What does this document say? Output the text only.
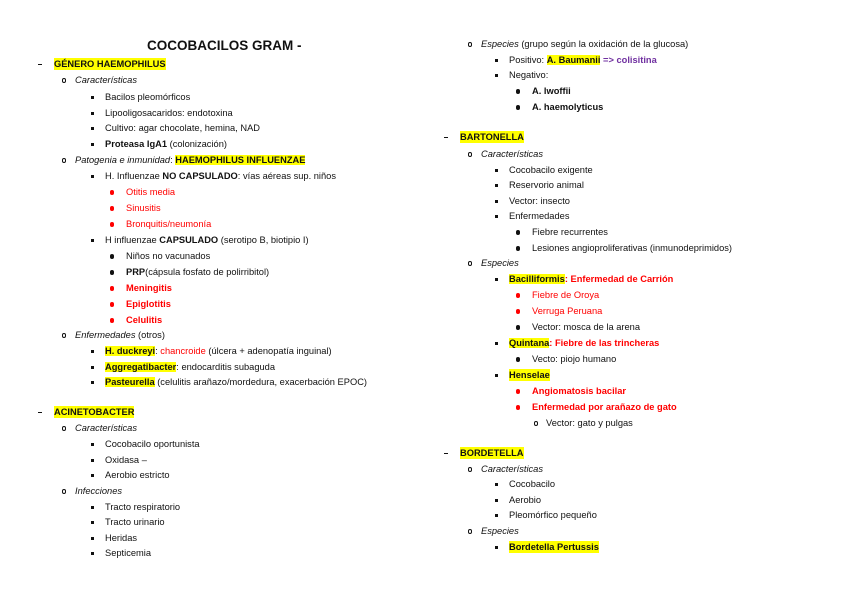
COCOBACILOS GRAM -
GÉNERO HAEMOPHILUS
Características
Bacilos pleomórficos
Lipooligosacaridos: endotoxina
Cultivo: agar chocolate, hemina, NAD
Proteasa IgA1 (colonización)
Patogenia e inmunidad: HAEMOPHILUS INFLUENZAE
H. Influenzae NO CAPSULADO: vías aéreas sup. niños
Otitis media
Sinusitis
Bronquitis/neumonía
H influenzae CAPSULADO (serotipo B, biotipio I)
Niños no vacunados
PRP(cápsula fosfato de polirribitol)
Meningitis
Epiglotitis
Celulitis
Enfermedades (otros)
H. duckreyi: chancroide (úlcera + adenopatía inguinal)
Aggregatibacter: endocarditis subaguda
Pasteurella (celulitis arañazo/mordedura, exacerbación EPOC)
ACINETOBACTER
Características
Cocobacilo oportunista
Oxidasa –
Aerobio estricto
Infecciones
Tracto respiratorio
Tracto urinario
Heridas
Septicemia
Especies (grupo según la oxidación de la glucosa)
Positivo: A. Baumanii => colisitina
Negativo:
A. lwoffii
A. haemolyticus
BARTONELLA
Características
Cocobacilo exigente
Reservorio animal
Vector: insecto
Enfermedades
Fiebre recurrentes
Lesiones angioproliferativas (inmunodeprimidos)
Especies
Bacilliformis: Enfermedad de Carrión
Fiebre de Oroya
Verruga Peruana
Vector: mosca de la arena
Quintana: Fiebre de las trincheras
Vecto: piojo humano
Henselae
Angiomatosis bacilar
Enfermedad por arañazo de gato
Vector: gato y pulgas
BORDETELLA
Características
Cocobacilo
Aerobio
Pleomórfico pequeño
Especies
Bordetella Pertussis
